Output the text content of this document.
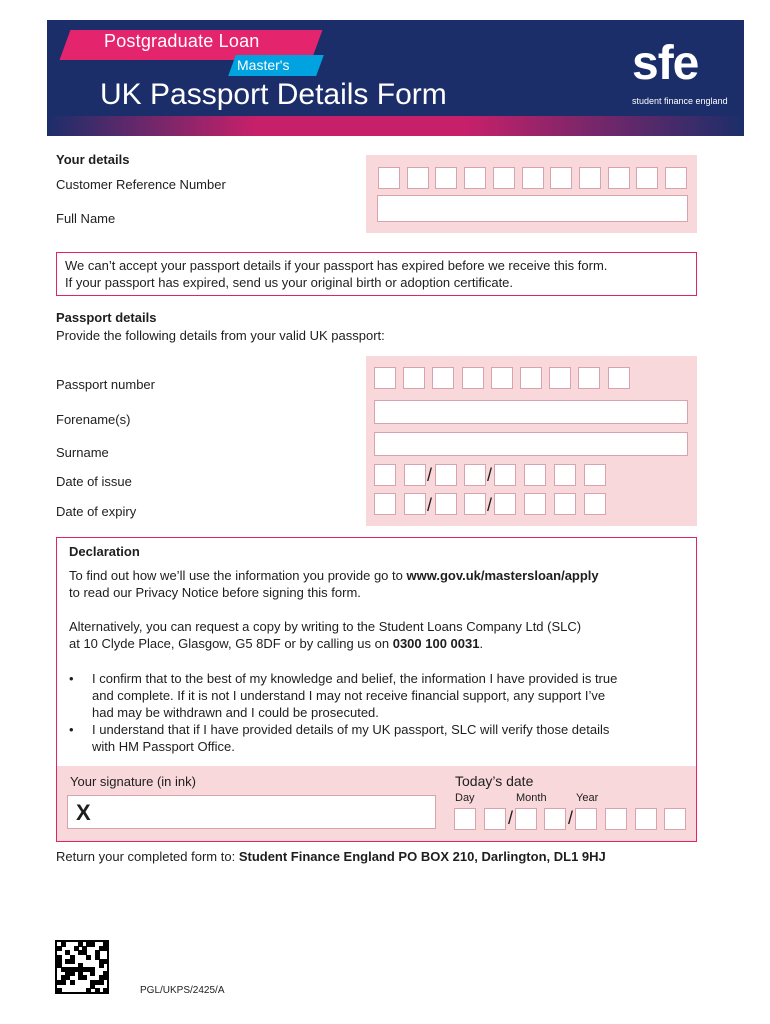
Postgraduate Loan
Master's
UK Passport Details Form
sfe
student finance england
Your details
Customer Reference Number
Full Name
We can’t accept your passport details if your passport has expired before we receive this form.
If your passport has expired, send us your original birth or adoption certificate.
Passport details
Provide the following details from your valid UK passport:
Passport number
Forename(s)
Surname
Date of issue	/	/
Date of expiry	/	/
Declaration
To find out how we’ll use the information you provide go to www.gov.uk/mastersloan/apply
to read our Privacy Notice before signing this form.
Alternatively, you can request a copy by writing to the Student Loans Company Ltd (SLC)
at 10 Clyde Place, Glasgow, G5 8DF or by calling us on 0300 100 0031.
• I confirm that to the best of my knowledge and belief, the information I have provided is true
and complete. If it is not I understand I may not receive financial support, any support I’ve
had may be withdrawn and I could be prosecuted.
• I understand that if I have provided details of my UK passport, SLC will verify those details
with HM Passport Office.
Your signature (in ink)
X
Today’s date
Day	Month	Year
/	/
Return your completed form to: Student Finance England PO BOX 210, Darlington, DL1 9HJ
PGL/UKPS/2425/A
